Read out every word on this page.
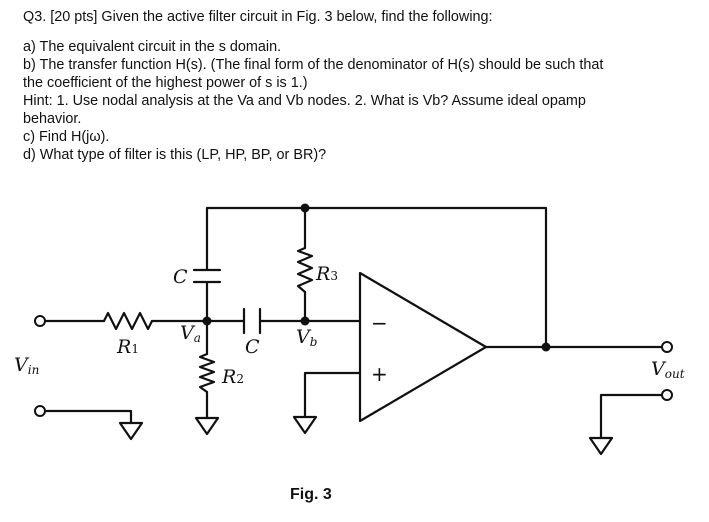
Q3. [20 pts] Given the active filter circuit in Fig. 3 below, find the following:

a) The equivalent circuit in the s domain.

b) The transfer function H(s). (The final form of the denominator of H(s) should be such that

the coefficient of the highest power of s is 1.)

Hint: 1. Use nodal analysis at the Va and Vb nodes. 2. What is Vb? Assume ideal opamp

behavior.

c) Find H(jω).

d) What type of filter is this (LP, HP, BP, or BR)?

−
+
C
R1
Va C
R2
R3
Vb
Vin	Vout
Fig. 3
